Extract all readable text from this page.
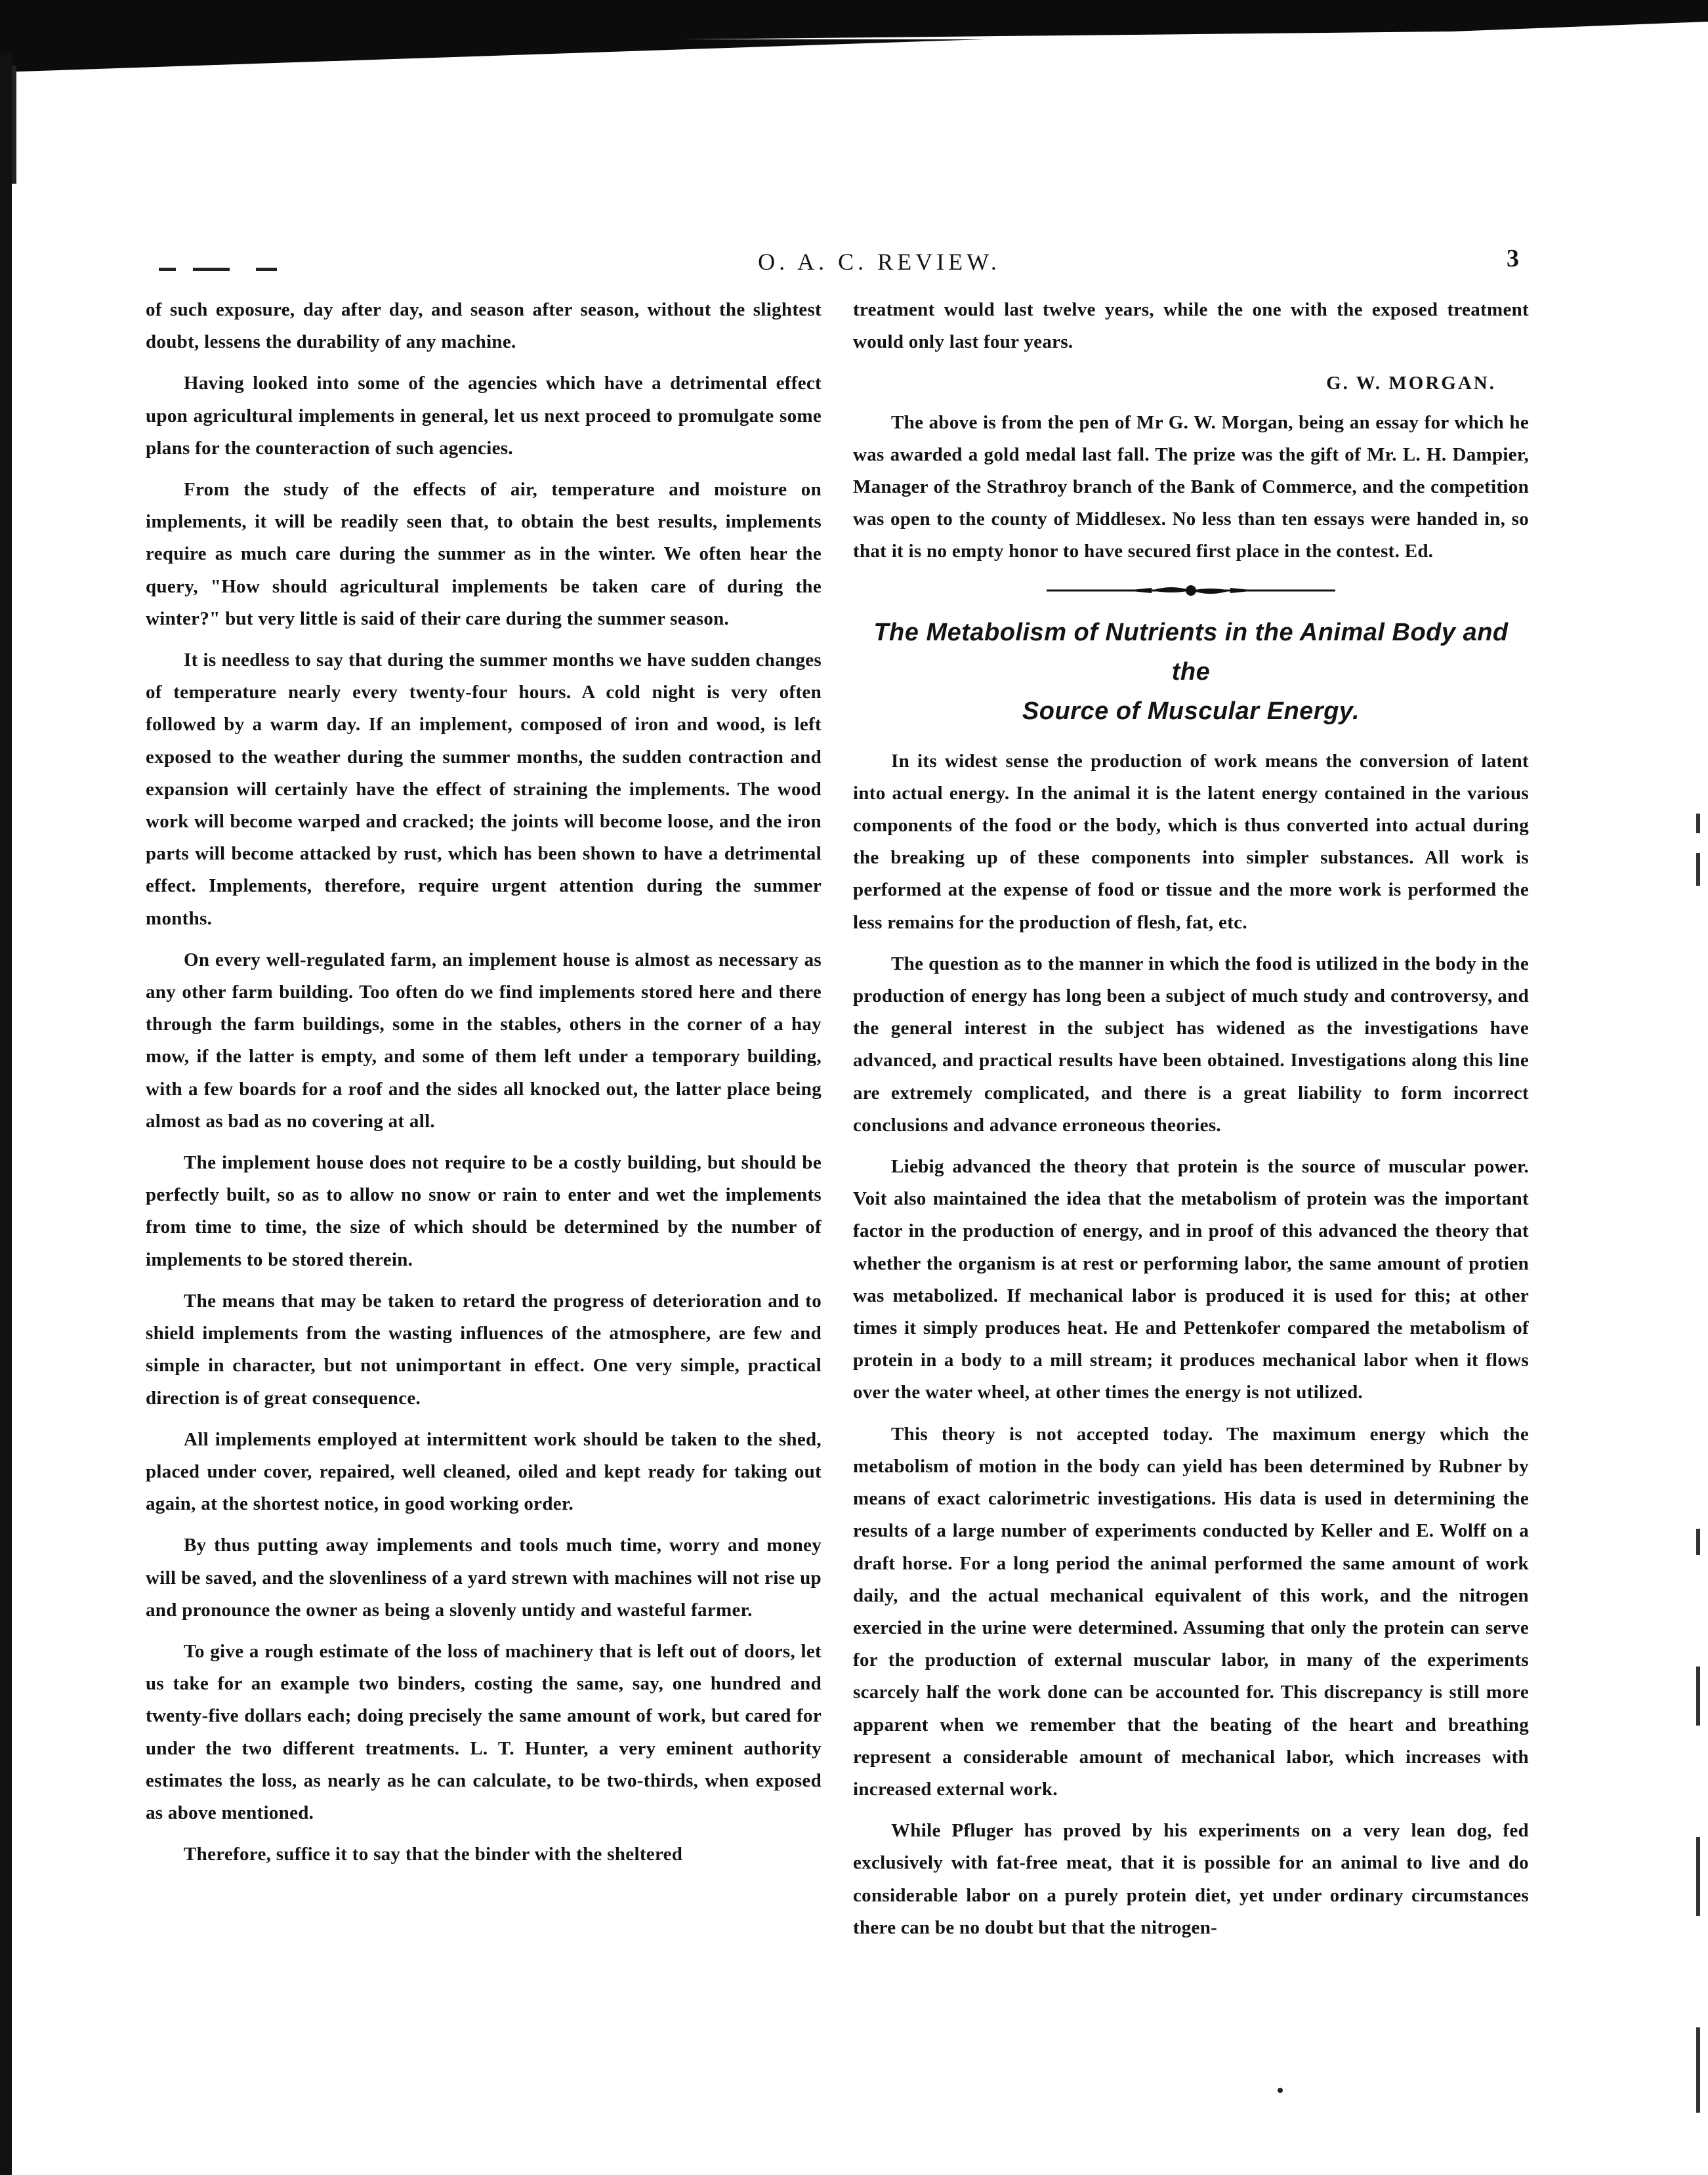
O. A. C. REVIEW.	3

of such exposure, day after day, and season after season, without the slightest doubt, lessens the durability of any machine.

Having looked into some of the agencies which have a detrimental effect upon agricultural implements in general, let us next proceed to promulgate some plans for the counteraction of such agencies.

From the study of the effects of air, temperature and moisture on implements, it will be readily seen that, to obtain the best results, implements require as much care during the summer as in the winter. We often hear the query, "How should agricultural implements be taken care of during the winter?" but very little is said of their care during the summer season.

It is needless to say that during the summer months we have sudden changes of temperature nearly every twenty-four hours. A cold night is very often followed by a warm day. If an implement, composed of iron and wood, is left exposed to the weather during the summer months, the sudden contraction and expansion will certainly have the effect of straining the implements. The wood work will become warped and cracked; the joints will become loose, and the iron parts will become attacked by rust, which has been shown to have a detrimental effect. Implements, therefore, require urgent attention during the summer months.

On every well-regulated farm, an implement house is almost as necessary as any other farm building. Too often do we find implements stored here and there through the farm buildings, some in the stables, others in the corner of a hay mow, if the latter is empty, and some of them left under a temporary building, with a few boards for a roof and the sides all knocked out, the latter place being almost as bad as no covering at all.

The implement house does not require to be a costly building, but should be perfectly built, so as to allow no snow or rain to enter and wet the implements from time to time, the size of which should be determined by the number of implements to be stored therein.

The means that may be taken to retard the progress of deterioration and to shield implements from the wasting influences of the atmosphere, are few and simple in character, but not unimportant in effect. One very simple, practical direction is of great consequence.

All implements employed at intermittent work should be taken to the shed, placed under cover, repaired, well cleaned, oiled and kept ready for taking out again, at the shortest notice, in good working order.

By thus putting away implements and tools much time, worry and money will be saved, and the slovenliness of a yard strewn with machines will not rise up and pronounce the owner as being a slovenly untidy and wasteful farmer.

To give a rough estimate of the loss of machinery that is left out of doors, let us take for an example two binders, costing the same, say, one hundred and twenty-five dollars each; doing precisely the same amount of work, but cared for under the two different treatments. L. T. Hunter, a very eminent authority estimates the loss, as nearly as he can calculate, to be two-thirds, when exposed as above mentioned.

Therefore, suffice it to say that the binder with the sheltered

treatment would last twelve years, while the one with the exposed treatment would only last four years.

G. W. MORGAN.

The above is from the pen of Mr G. W. Morgan, being an essay for which he was awarded a gold medal last fall. The prize was the gift of Mr. L. H. Dampier, Manager of the Strathroy branch of the Bank of Commerce, and the competition was open to the county of Middlesex. No less than ten essays were handed in, so that it is no empty honor to have secured first place in the contest. Ed.

The Metabolism of Nutrients in the Animal Body and the
Source of Muscular Energy.

In its widest sense the production of work means the conversion of latent into actual energy. In the animal it is the latent energy contained in the various components of the food or the body, which is thus converted into actual during the breaking up of these components into simpler substances. All work is performed at the expense of food or tissue and the more work is performed the less remains for the production of flesh, fat, etc.

The question as to the manner in which the food is utilized in the body in the production of energy has long been a subject of much study and controversy, and the general interest in the subject has widened as the investigations have advanced, and practical results have been obtained. Investigations along this line are extremely complicated, and there is a great liability to form incorrect conclusions and advance erroneous theories.

Liebig advanced the theory that protein is the source of muscular power. Voit also maintained the idea that the metabolism of protein was the important factor in the production of energy, and in proof of this advanced the theory that whether the organism is at rest or performing labor, the same amount of protien was metabolized. If mechanical labor is produced it is used for this; at other times it simply produces heat. He and Pettenkofer compared the metabolism of protein in a body to a mill stream; it produces mechanical labor when it flows over the water wheel, at other times the energy is not utilized.

This theory is not accepted today. The maximum energy which the metabolism of motion in the body can yield has been determined by Rubner by means of exact calorimetric investigations. His data is used in determining the results of a large number of experiments conducted by Keller and E. Wolff on a draft horse. For a long period the animal performed the same amount of work daily, and the actual mechanical equivalent of this work, and the nitrogen exercied in the urine were determined. Assuming that only the protein can serve for the production of external muscular labor, in many of the experiments scarcely half the work done can be accounted for. This discrepancy is still more apparent when we remember that the beating of the heart and breathing represent a considerable amount of mechanical labor, which increases with increased external work.

While Pfluger has proved by his experiments on a very lean dog, fed exclusively with fat-free meat, that it is possible for an animal to live and do considerable labor on a purely protein diet, yet under ordinary circumstances there can be no doubt but that the nitrogen-
